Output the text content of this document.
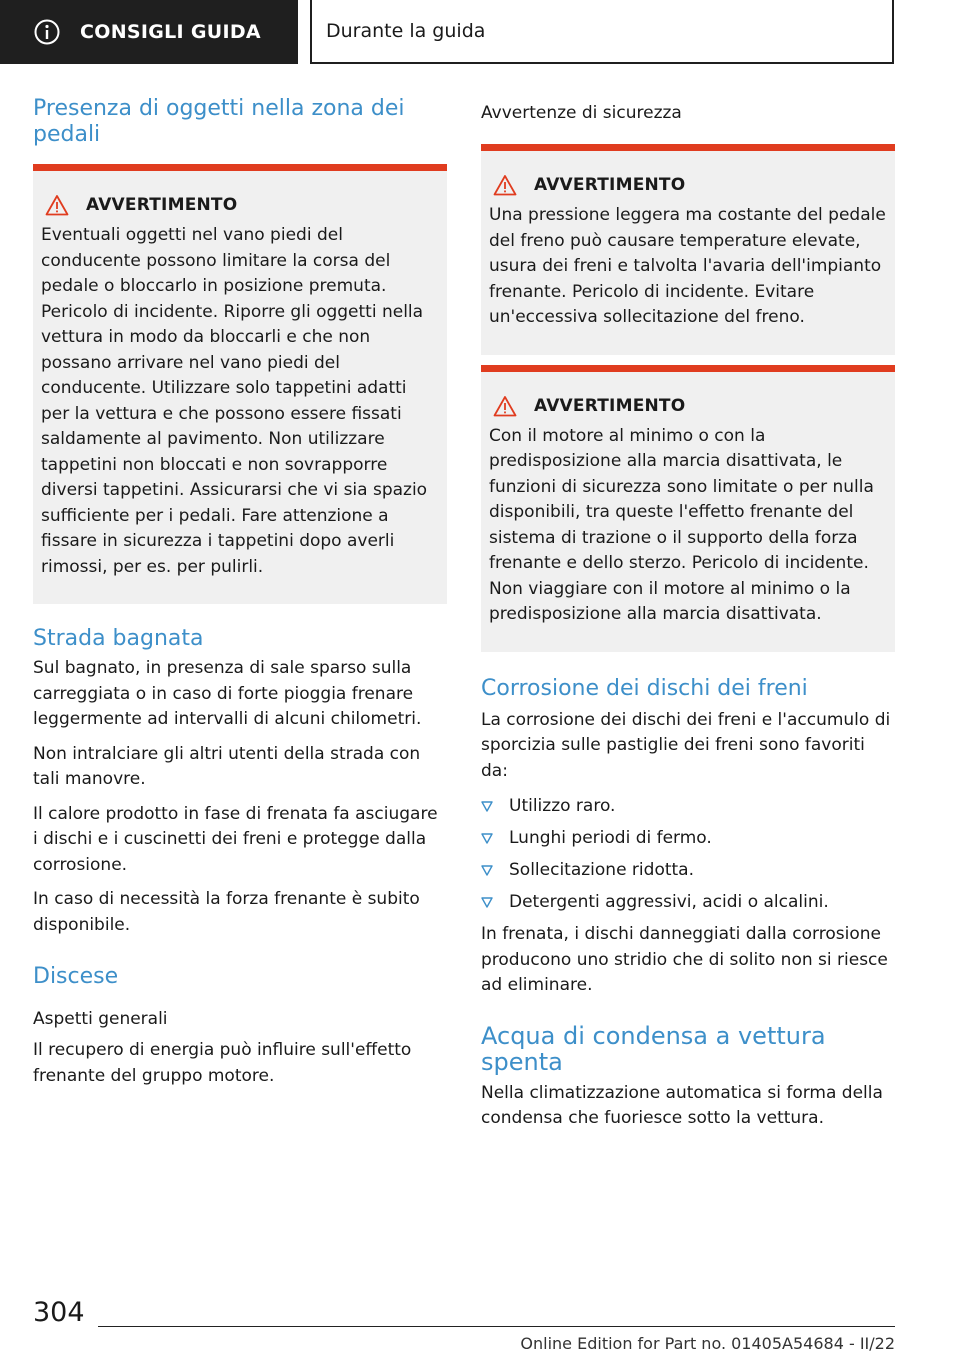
CONSIGLI GUIDA	Durante la guida
Presenza di oggetti nella zona dei pedali
AVVERTIMENTO

Eventuali oggetti nel vano piedi del conducente possono limitare la corsa del pedale o bloccarlo in posizione premuta. Pericolo di incidente. Riporre gli oggetti nella vettura in modo da bloccarli e che non possano arrivare nel vano piedi del conducente. Utilizzare solo tappetini adatti per la vettura e che possono essere fissati saldamente al pavimento. Non utilizzare tappetini non bloccati e non sovrapporre diversi tappetini. Assicurarsi che vi sia spazio sufficiente per i pedali. Fare attenzione a fissare in sicurezza i tappetini dopo averli rimossi, per es. per pulirli.

Strada bagnata

Sul bagnato, in presenza di sale sparso sulla carreggiata o in caso di forte pioggia frenare leggermente ad intervalli di alcuni chilometri.

Non intralciare gli altri utenti della strada con tali manovre.

Il calore prodotto in fase di frenata fa asciugare i dischi e i cuscinetti dei freni e protegge dalla corrosione.

In caso di necessità la forza frenante è subito disponibile.

Discese

Aspetti generali

Il recupero di energia può influire sull'effetto frenante del gruppo motore.

Avvertenze di sicurezza

AVVERTIMENTO

Una pressione leggera ma costante del pedale del freno può causare temperature elevate, usura dei freni e talvolta l'avaria dell'impianto frenante. Pericolo di incidente. Evitare un'eccessiva sollecitazione del freno.

AVVERTIMENTO

Con il motore al minimo o con la predisposizione alla marcia disattivata, le funzioni di sicurezza sono limitate o per nulla disponibili, tra queste l'effetto frenante del sistema di trazione o il supporto della forza frenante e dello sterzo. Pericolo di incidente. Non viaggiare con il motore al minimo o la predisposizione alla marcia disattivata.

Corrosione dei dischi dei freni

La corrosione dei dischi dei freni e l'accumulo di sporcizia sulle pastiglie dei freni sono favoriti da:

Utilizzo raro.
Lunghi periodi di fermo.
Sollecitazione ridotta.
Detergenti aggressivi, acidi o alcalini.

In frenata, i dischi danneggiati dalla corrosione producono uno stridio che di solito non si riesce ad eliminare.

Acqua di condensa a vettura spenta

Nella climatizzazione automatica si forma della condensa che fuoriesce sotto la vettura.

304
Online Edition for Part no. 01405A54684 - II/22
